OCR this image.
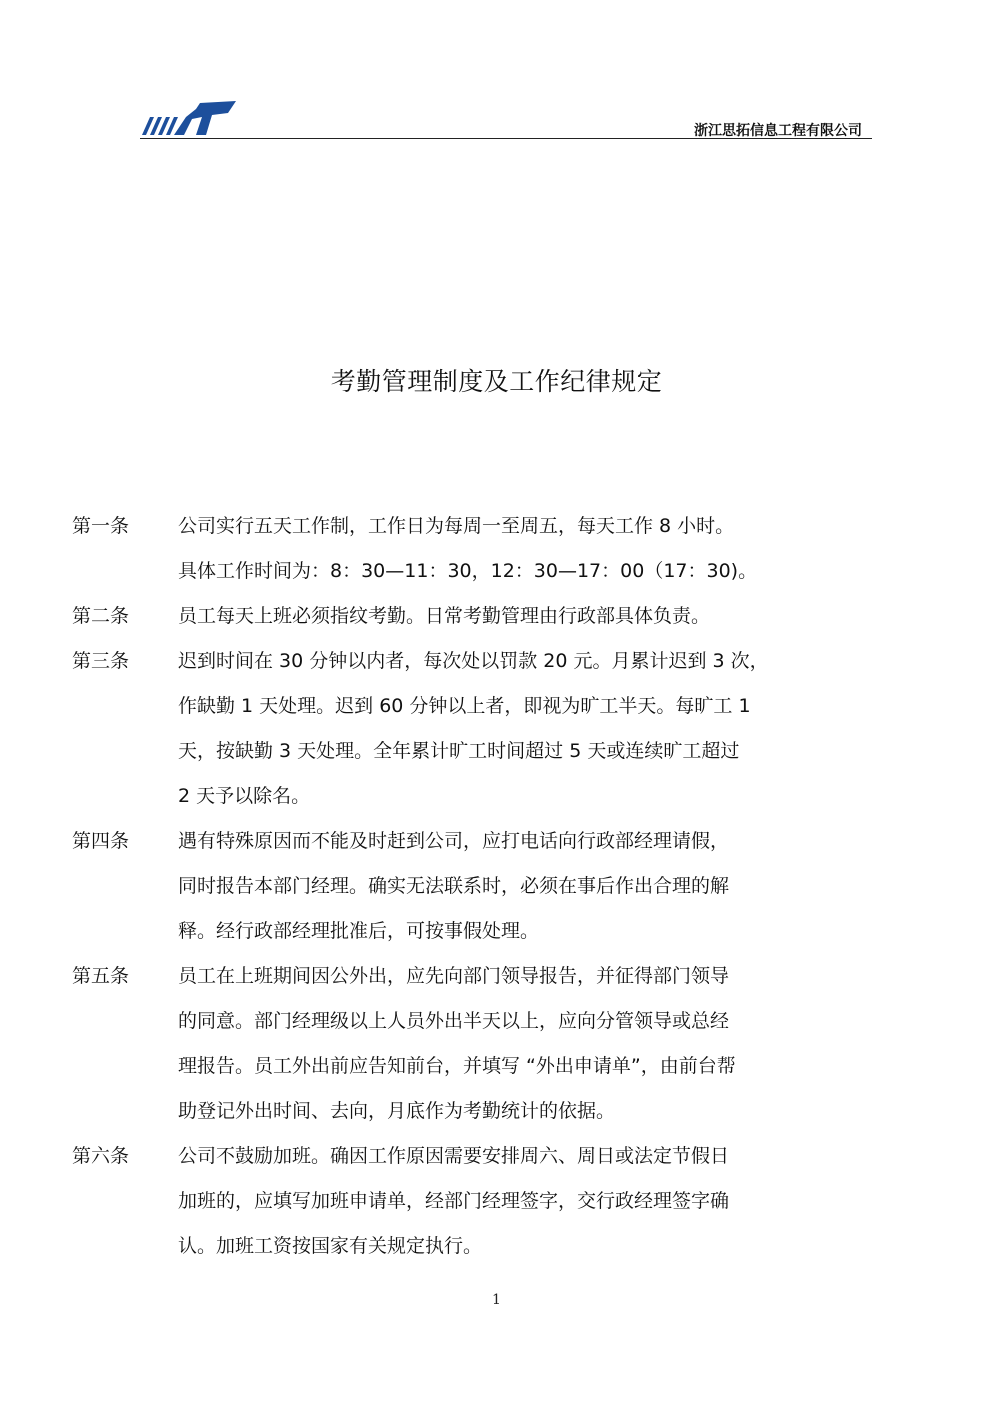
浙江思拓信息工程有限公司
考勤管理制度及工作纪律规定
第一条	公司实行五天工作制，工作日为每周一至周五，每天工作 8 小时。
具体工作时间为：8：30—11：30，12：30—17：00（17：30)。
第二条	员工每天上班必须指纹考勤。日常考勤管理由行政部具体负责。
第三条	迟到时间在 30 分钟以内者，每次处以罚款 20 元。月累计迟到 3 次，
作缺勤 1 天处理。迟到 60 分钟以上者，即视为旷工半天。每旷工 1
天，按缺勤 3 天处理。全年累计旷工时间超过 5 天或连续旷工超过
2 天予以除名。
第四条	遇有特殊原因而不能及时赶到公司，应打电话向行政部经理请假，
同时报告本部门经理。确实无法联系时，必须在事后作出合理的解
释。经行政部经理批准后，可按事假处理。
第五条	员工在上班期间因公外出，应先向部门领导报告，并征得部门领导
的同意。部门经理级以上人员外出半天以上，应向分管领导或总经
理报告。员工外出前应告知前台，并填写 “外出申请单”，由前台帮
助登记外出时间、去向，月底作为考勤统计的依据。
第六条	公司不鼓励加班。确因工作原因需要安排周六、周日或法定节假日
加班的，应填写加班申请单，经部门经理签字，交行政经理签字确
认。加班工资按国家有关规定执行。
1
